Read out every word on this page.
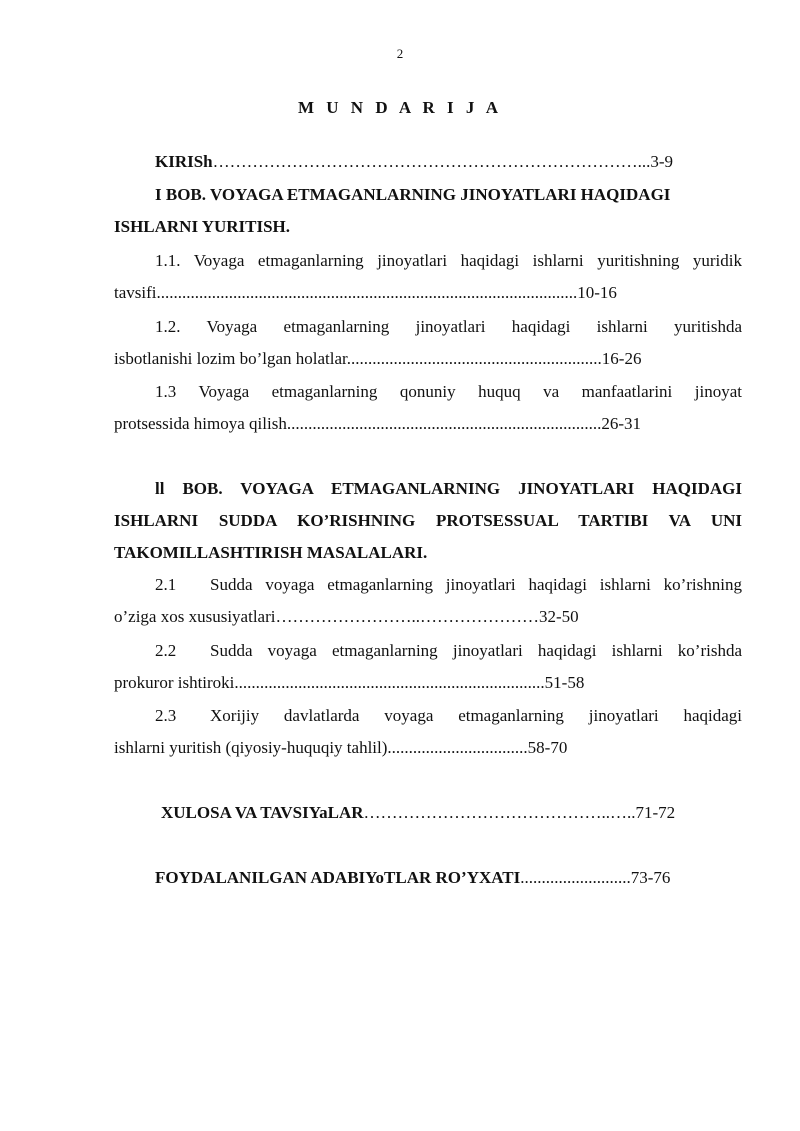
2
M U N D A R I J A
KIRISh…………………………………………………………………...3-9
I BOB. VOYAGA ETMAGANLARNING JINOYATLARI HAQIDAGI
ISHLARNI YURITISH.
1.1. Voyaga etmaganlarning jinoyatlari haqidagi ishlarni yuritishning yuridik
tavsifi...................................................................................................10-16
1.2. Voyaga etmaganlarning jinoyatlari haqidagi ishlarni yuritishda
isbotlanishi lozim bo’lgan holatlar............................................................16-26
1.3 Voyaga etmaganlarning qonuniy huquq va manfaatlarini jinoyat
protsessida himoya qilish..........................................................................26-31
ll BOB. VOYAGA ETMAGANLARNING JINOYATLARI HAQIDAGI
ISHLARNI SUDDA KO’RISHNING PROTSESSUAL TARTIBI VA UNI
TAKOMILLASHTIRISH MASALALARI.
2.1	Sudda voyaga etmaganlarning jinoyatlari haqidagi ishlarni ko’rishning
o’ziga xos xususiyatlari……………………..…………………32-50
2.2	Sudda voyaga etmaganlarning jinoyatlari haqidagi ishlarni ko’rishda
prokuror ishtiroki.........................................................................51-58
2.3	Xorijiy davlatlarda voyaga etmaganlarning jinoyatlari haqidagi
ishlarni yuritish (qiyosiy-huquqiy tahlil).................................58-70
XULOSA VA TAVSIYaLAR……………………………………..…..71-72
FOYDALANILGAN ADABIYoTLAR RO’YXATI..........................73-76
